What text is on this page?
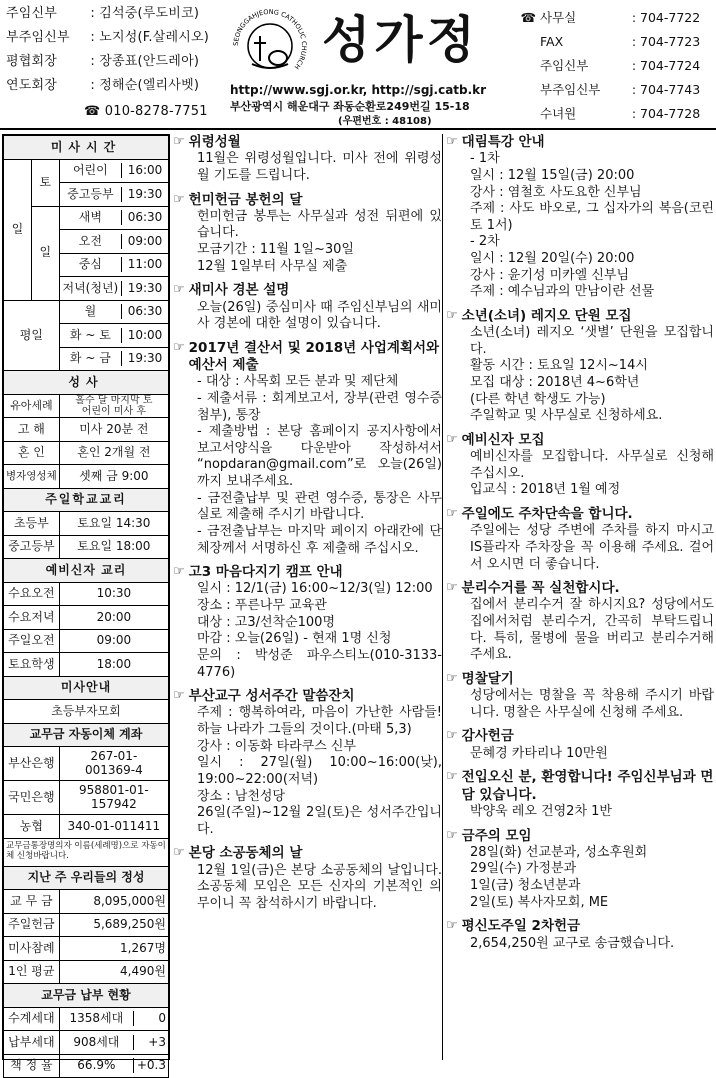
주임신부 : 김석중(루도비코)
부주임신부 : 노지성(F.살레시오)
평협회장 : 장종표(안드레아)
연도회장 : 정해순(엘리사벳)
☎ 010-8278-7751
SEONGGAHJEONG CATHOLIC CHURCH 성가정
http://www.sgj.or.kr, http://sgj.catb.kr
부산광역시 해운대구 좌동순환로249번길 15-18
(우편번호 : 48108)
☎ 사무실	: 704-7722
FAX	: 704-7723
주임신부	: 704-7724
부주임신부	: 704-7743
수녀원	: 704-7728
미사시간		
일	토	어린이 16:00

		중고등부 19:30

	일	새벽 06:30

		오전 09:00

		중심 11:00

		저녁(청년) 19:30

평일		월 06:30

		화 ~ 토 10:00

		화 ~ 금 19:30

성사		
유아세례		홀수 달 마지막 토
어린이 미사 후
고 해		미사 20분 전
혼 인		혼인 2개월 전
병자영성체		셋째 금 9:00
주일학교교리		
초등부		토요일 14:30
중고등부		토요일 18:00
예비신자 교리		
수요오전		10:30
수요저녁		20:00
주일오전		09:00
토요학생		18:00
미사안내		
초등부자모회		
교무금 자동이체 계좌		
부산은행		267-01-
001369-4
국민은행		958801-01-
157942
농협		340-01-011411
교무금통장명의자 이름(세례명)으로 자동이체 신청바랍니다.		
지난 주 우리들의 정성		
교 무 금		8,095,000원
주일헌금		5,689,250원
미사참례		1,267명
1인 평균		4,490원
교무금 납부 현황		
수계세대		1358세대 0

납부세대		908세대 +3

책 정 율		66.9% +0.3
☞ 위령성월
11월은 위령성월입니다. 미사 전에 위령성월 기도를 드립니다.
☞ 헌미헌금 봉헌의 달
헌미헌금 봉투는 사무실과 성전 뒤편에 있습니다.
모금기간 : 11월 1일~30일
12월 1일부터 사무실 제출
☞ 새미사 경본 설명
오늘(26일) 중심미사 때 주임신부님의 새미사 경본에 대한 설명이 있습니다.
☞ 2017년 결산서 및 2018년 사업계획서와 예산서 제출
- 대상 : 사목회 모든 분과 및 제단체
- 제출서류 : 회계보고서, 장부(관련 영수증 첨부), 통장
- 제출방법 : 본당 홈페이지 공지사항에서 보고서양식을 다운받아 작성하셔서 “nopdaran@gmail.com”로 오늘(26일)까지 보내주세요.
- 금전출납부 및 관련 영수증, 통장은 사무실로 제출해 주시기 바랍니다.
- 금전출납부는 마지막 페이지 아래칸에 단체장께서 서명하신 후 제출해 주십시오.
☞ 고3 마음다지기 캠프 안내
일시 : 12/1(금) 16:00~12/3(일) 12:00
장소 : 푸른나무 교육관
대상 : 고3/선착순100명
마감 : 오늘(26일) - 현재 1명 신청
문의 : 박성준 파우스티노(010-3133-4776)
☞ 부산교구 성서주간 말씀잔치
주제 : 행복하여라, 마음이 가난한 사람들! 하늘 나라가 그들의 것이다.(마태 5,3)
강사 : 이동화 타라쿠스 신부
일시 : 27일(월) 10:00~16:00(낮), 19:00~22:00(저녁)
장소 : 남천성당
26일(주일)~12월 2일(토)은 성서주간입니다.
☞ 본당 소공동체의 날
12월 1일(금)은 본당 소공동체의 날입니다. 소공동체 모임은 모든 신자의 기본적인 의무이니 꼭 참석하시기 바랍니다.
☞ 대림특강 안내
- 1차
일시 : 12월 15일(금) 20:00
강사 : 염철호 사도요한 신부님
주제 : 사도 바오로, 그 십자가의 복음(코린토 1서)
- 2차
일시 : 12월 20일(수) 20:00
강사 : 윤기성 미카엘 신부님
주제 : 예수님과의 만남이란 선물
☞ 소년(소녀) 레지오 단원 모집
소년(소녀) 레지오 ‘샛별’ 단원을 모집합니다.
활동 시간 : 토요일 12시~14시
모집 대상 : 2018년 4~6학년
(다른 학년 학생도 가능)
주일학교 및 사무실로 신청하세요.
☞ 예비신자 모집
예비신자를 모집합니다. 사무실로 신청해 주십시오.
입교식 : 2018년 1월 예정
☞ 주일에도 주차단속을 합니다.
주일에는 성당 주변에 주차를 하지 마시고 IS플라자 주차장을 꼭 이용해 주세요. 걸어서 오시면 더 좋습니다.
☞ 분리수거를 꼭 실천합시다.
집에서 분리수거 잘 하시지요? 성당에서도 집에서처럼 분리수거, 간곡히 부탁드립니다. 특히, 물병에 물을 버리고 분리수거해 주세요.
☞ 명찰달기
성당에서는 명찰을 꼭 착용해 주시기 바랍니다. 명찰은 사무실에 신청해 주세요.
☞ 감사헌금
문혜경 카타리나 10만원
☞ 전입오신 분, 환영합니다! 주임신부님과 면담 있습니다.
박양욱 레오 건영2차 1반
☞ 금주의 모임
28일(화) 선교분과, 성소후원회
29일(수) 가정분과
1일(금) 청소년분과
2일(토) 복사자모회, ME
☞ 평신도주일 2차헌금
2,654,250원 교구로 송금했습니다.
